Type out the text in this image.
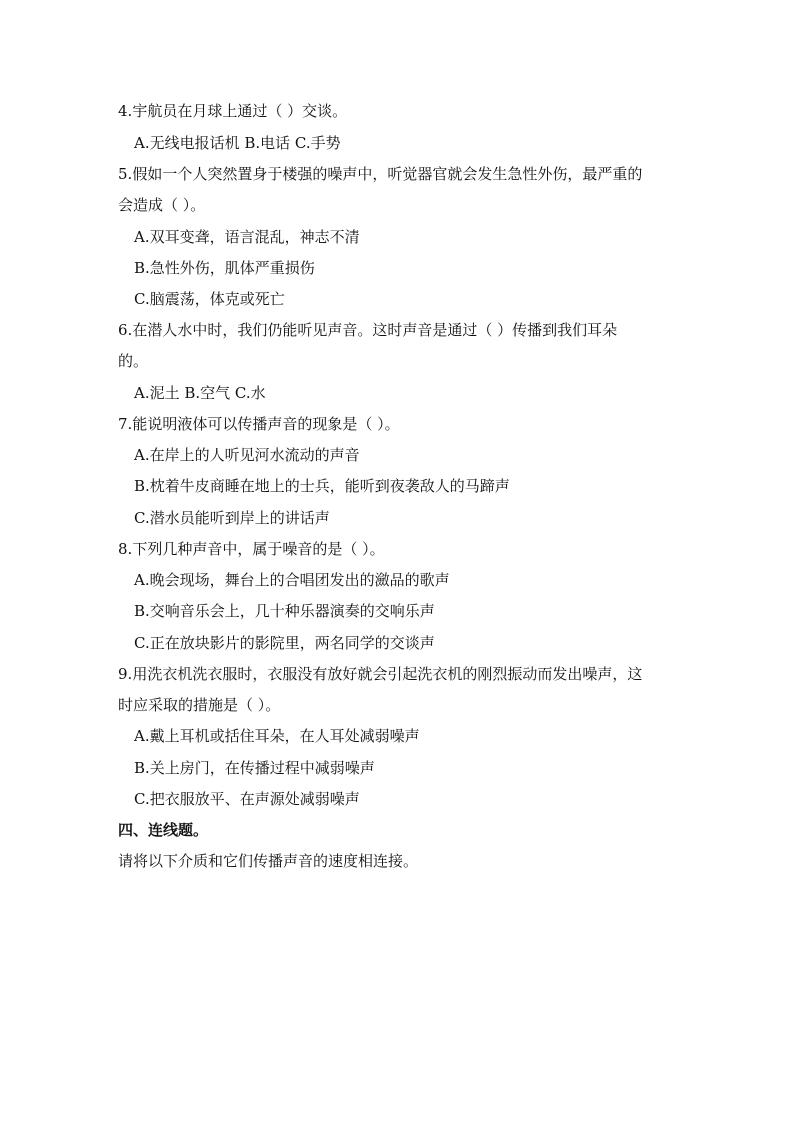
4.宇航员在月球上通过（ ）交谈。
A.无线电报话机 B.电话 C.手势
5.假如一个人突然置身于楼强的噪声中，听觉器官就会发生急性外伤，最严重的
会造成（ ）。
A.双耳变聋，语言混乱，神志不清
B.急性外伤，肌体严重损伤
C.脑震荡，体克或死亡
6.在潜人水中时，我们仍能听见声音。这时声音是通过（ ）传播到我们耳朵
的。
A.泥土 B.空气 C.水
7.能说明液体可以传播声音的现象是（ ）。
A.在岸上的人听见河水流动的声音
B.枕着牛皮商睡在地上的士兵，能听到夜袭敌人的马蹄声
C.潜水员能听到岸上的讲话声
8.下列几种声音中，属于噪音的是（ ）。
A.晚会现场，舞台上的合唱团发出的瀲品的歌声
B.交响音乐会上，几十种乐器演奏的交响乐声
C.正在放块影片的影院里，两名同学的交谈声
9.用洗衣机洗衣服时，衣服没有放好就会引起洗衣机的刚烈振动而发出噪声，这
时应采取的措施是（ ）。
A.戴上耳机或括住耳朵，在人耳处减弱噪声
B.关上房门，在传播过程中减弱噪声
C.把衣服放平、在声源处减弱噪声
四、连线题。
请将以下介质和它们传播声音的速度相连接。
